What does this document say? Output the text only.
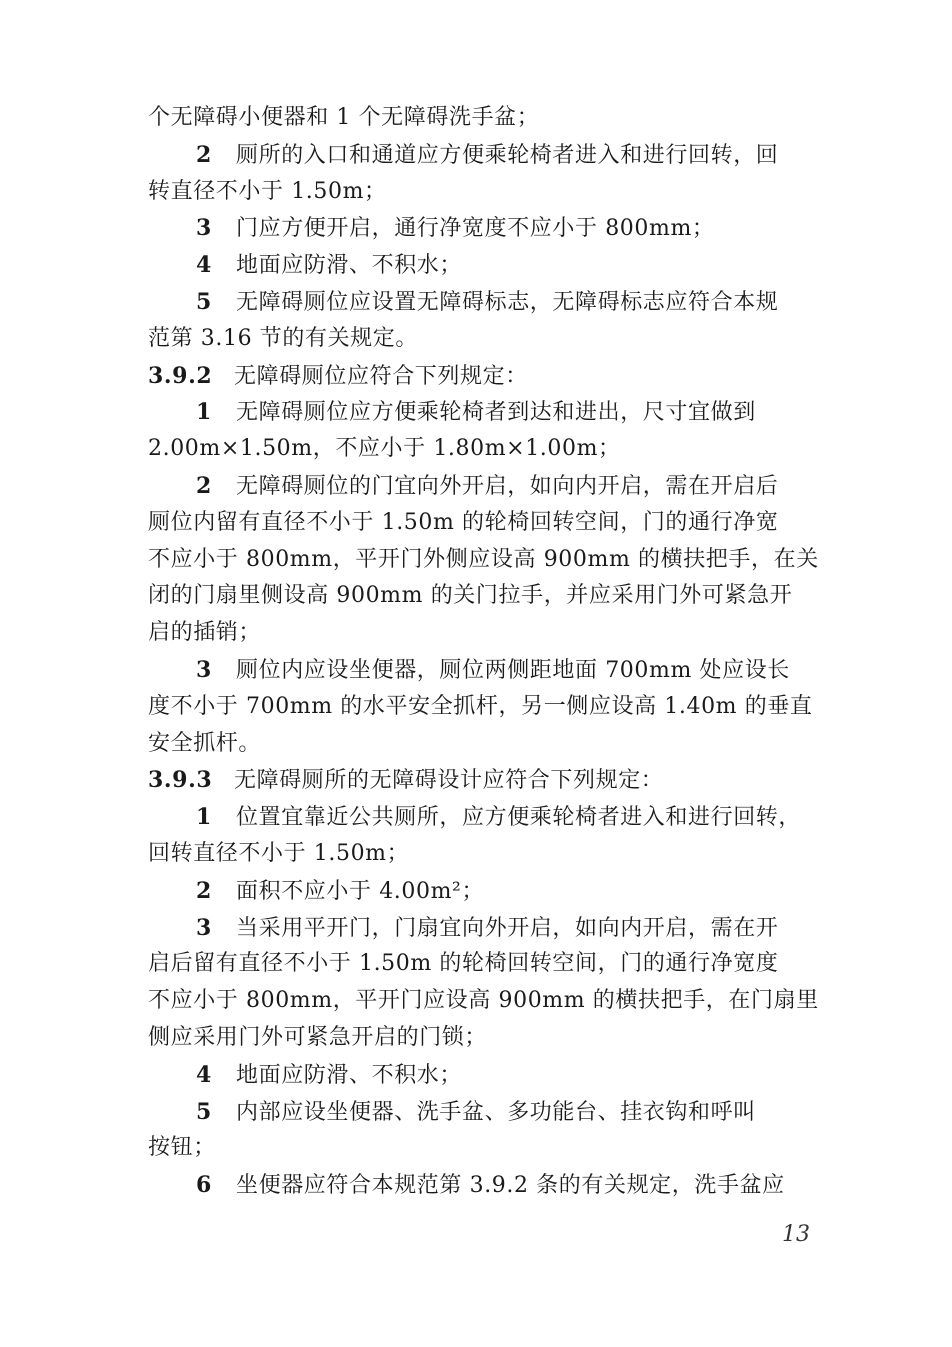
个无障碍小便器和 1 个无障碍洗手盆；
2 厕所的入口和通道应方便乘轮椅者进入和进行回转，回
转直径不小于 1.50m；
3 门应方便开启，通行净宽度不应小于 800mm；
4 地面应防滑、不积水；
5 无障碍厕位应设置无障碍标志，无障碍标志应符合本规
范第 3.16 节的有关规定。
3.9.2 无障碍厕位应符合下列规定：
1 无障碍厕位应方便乘轮椅者到达和进出，尺寸宜做到
2.00m×1.50m，不应小于 1.80m×1.00m；
2 无障碍厕位的门宜向外开启，如向内开启，需在开启后
厕位内留有直径不小于 1.50m 的轮椅回转空间，门的通行净宽
不应小于 800mm，平开门外侧应设高 900mm 的横扶把手，在关
闭的门扇里侧设高 900mm 的关门拉手，并应采用门外可紧急开
启的插销；
3 厕位内应设坐便器，厕位两侧距地面 700mm 处应设长
度不小于 700mm 的水平安全抓杆，另一侧应设高 1.40m 的垂直
安全抓杆。
3.9.3 无障碍厕所的无障碍设计应符合下列规定：
1 位置宜靠近公共厕所，应方便乘轮椅者进入和进行回转，
回转直径不小于 1.50m；
2 面积不应小于 4.00m²；
3 当采用平开门，门扇宜向外开启，如向内开启，需在开
启后留有直径不小于 1.50m 的轮椅回转空间，门的通行净宽度
不应小于 800mm，平开门应设高 900mm 的横扶把手，在门扇里
侧应采用门外可紧急开启的门锁；
4 地面应防滑、不积水；
5 内部应设坐便器、洗手盆、多功能台、挂衣钩和呼叫
按钮；
6 坐便器应符合本规范第 3.9.2 条的有关规定，洗手盆应
13
